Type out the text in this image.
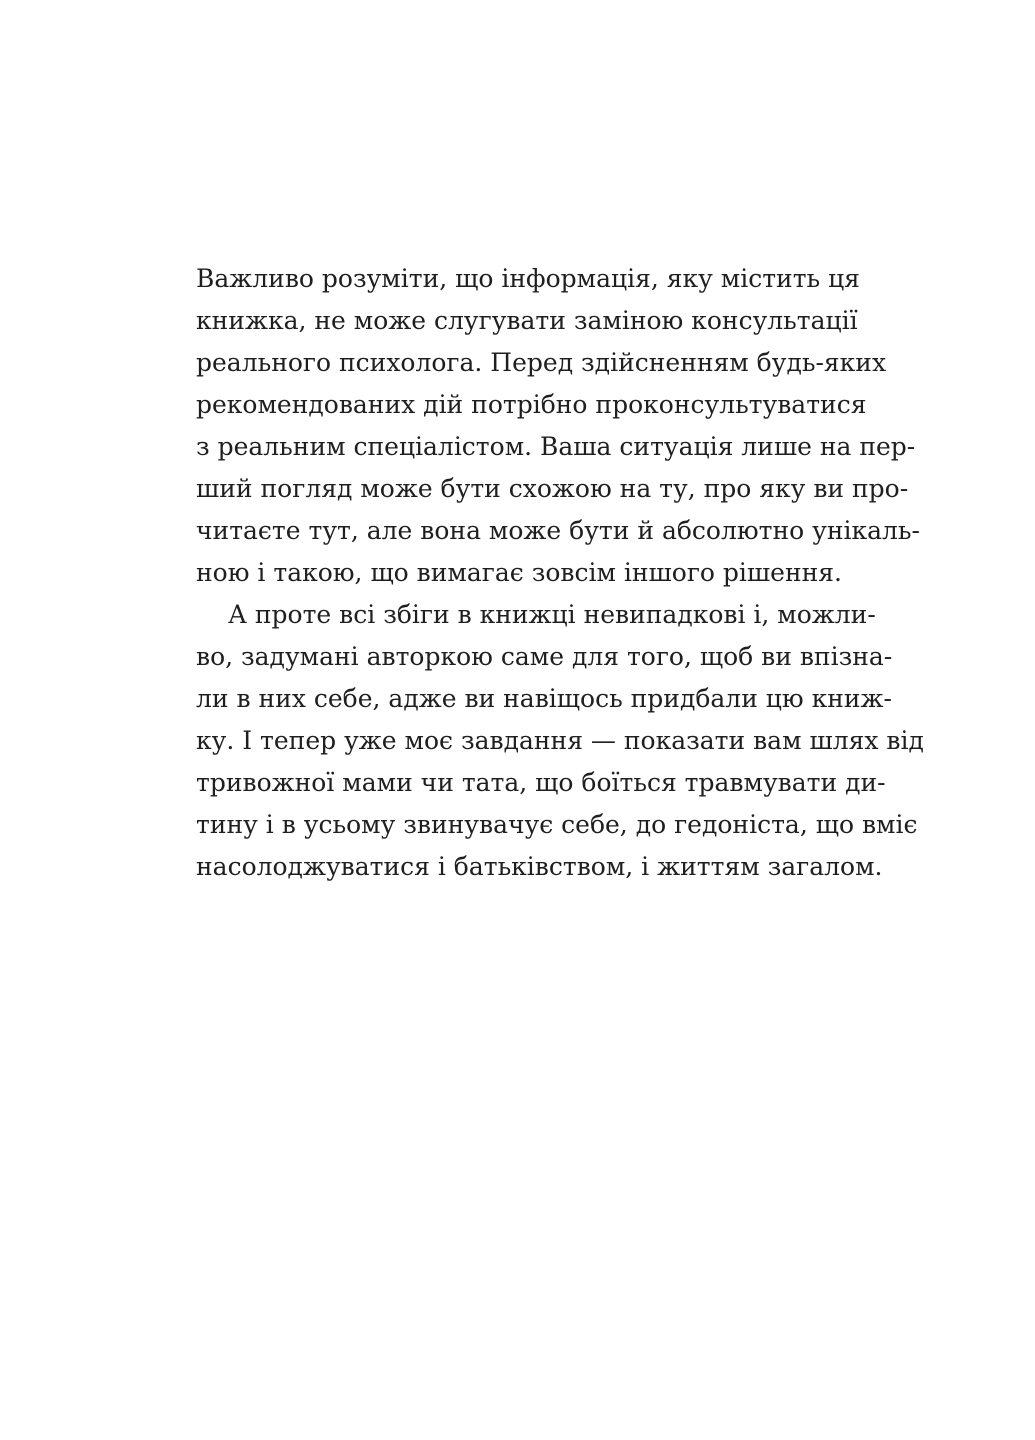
Важливо розуміти, що інформація, яку містить ця
книжка, не може слугувати заміною консультації
реального психолога. Перед здійсненням будь-яких
рекомендованих дій потрібно проконсультуватися
з реальним спеціалістом. Ваша ситуація лише на пер-
ший погляд може бути схожою на ту, про яку ви про-
читаєте тут, але вона може бути й абсолютно унікаль-
ною і такою, що вимагає зовсім іншого рішення.
А проте всі збіги в книжці невипадкові і, можли-
во, задумані авторкою саме для того, щоб ви впізна-
ли в них себе, адже ви навіщось придбали цю книж-
ку. І тепер уже моє завдання — показати вам шлях від
тривожної мами чи тата, що боїться травмувати ди-
тину і в усьому звинувачує себе, до гедоніста, що вміє
насолоджуватися і батьківством, і життям загалом.
